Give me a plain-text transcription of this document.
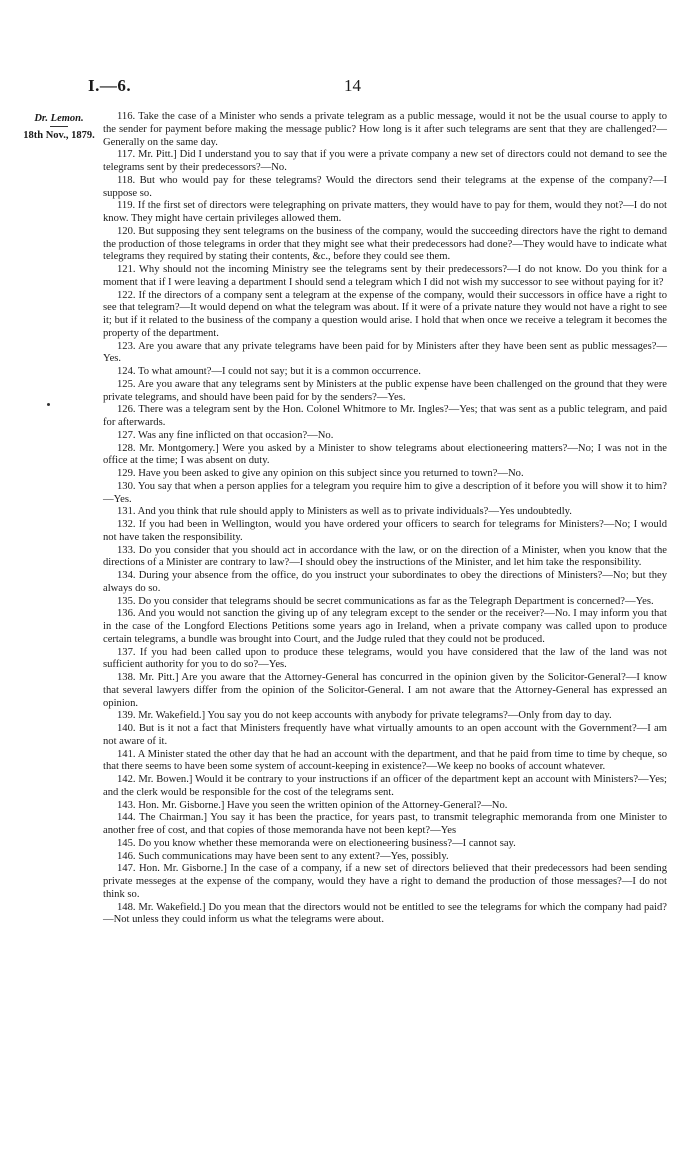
I.—6.	14
Dr. Lemon.
18th Nov., 1879.

116. Take the case of a Minister who sends a private telegram as a public message, would it not be the usual course to apply to the sender for payment before making the message public? How long is it after such telegrams are sent that they are challenged?—Generally on the same day.

117. Mr. Pitt.] Did I understand you to say that if you were a private company a new set of directors could not demand to see the telegrams sent by their predecessors?—No.

118. But who would pay for these telegrams? Would the directors send their telegrams at the expense of the company?—I suppose so.

119. If the first set of directors were telegraphing on private matters, they would have to pay for them, would they not?—I do not know. They might have certain privileges allowed them.

120. But supposing they sent telegrams on the business of the company, would the succeeding directors have the right to demand the production of those telegrams in order that they might see what their predecessors had done?—They would have to indicate what telegrams they required by stating their contents, &c., before they could see them.

121. Why should not the incoming Ministry see the telegrams sent by their predecessors?—I do not know. Do you think for a moment that if I were leaving a department I should send a telegram which I did not wish my successor to see without paying for it?

122. If the directors of a company sent a telegram at the expense of the company, would their successors in office have a right to see that telegram?—It would depend on what the telegram was about. If it were of a private nature they would not have a right to see it; but if it related to the business of the company a question would arise. I hold that when once we receive a telegram it becomes the property of the department.

123. Are you aware that any private telegrams have been paid for by Ministers after they have been sent as public messages?—Yes.

124. To what amount?—I could not say; but it is a common occurrence.

125. Are you aware that any telegrams sent by Ministers at the public expense have been challenged on the ground that they were private telegrams, and should have been paid for by the senders?—Yes.

126. There was a telegram sent by the Hon. Colonel Whitmore to Mr. Ingles?—Yes; that was sent as a public telegram, and paid for afterwards.

127. Was any fine inflicted on that occasion?—No.

128. Mr. Montgomery.] Were you asked by a Minister to show telegrams about electioneering matters?—No; I was not in the office at the time; I was absent on duty.

129. Have you been asked to give any opinion on this subject since you returned to town?—No.

130. You say that when a person applies for a telegram you require him to give a description of it before you will show it to him?—Yes.

131. And you think that rule should apply to Ministers as well as to private individuals?—Yes undoubtedly.

132. If you had been in Wellington, would you have ordered your officers to search for telegrams for Ministers?—No; I would not have taken the responsibility.

133. Do you consider that you should act in accordance with the law, or on the direction of a Minister, when you know that the directions of a Minister are contrary to law?—I should obey the instructions of the Minister, and let him take the responsibility.

134. During your absence from the office, do you instruct your subordinates to obey the directions of Ministers?—No; but they always do so.

135. Do you consider that telegrams should be secret communications as far as the Telegraph Department is concerned?—Yes.

136. And you would not sanction the giving up of any telegram except to the sender or the receiver?—No. I may inform you that in the case of the Longford Elections Petitions some years ago in Ireland, when a private company was called upon to produce certain telegrams, a bundle was brought into Court, and the Judge ruled that they could not be produced.

137. If you had been called upon to produce these telegrams, would you have considered that the law of the land was not sufficient authority for you to do so?—Yes.

138. Mr. Pitt.] Are you aware that the Attorney-General has concurred in the opinion given by the Solicitor-General?—I know that several lawyers differ from the opinion of the Solicitor-General. I am not aware that the Attorney-General has expressed an opinion.

139. Mr. Wakefield.] You say you do not keep accounts with anybody for private telegrams?—Only from day to day.

140. But is it not a fact that Ministers frequently have what virtually amounts to an open account with the Government?—I am not aware of it.

141. A Minister stated the other day that he had an account with the department, and that he paid from time to time by cheque, so that there seems to have been some system of account-keeping in existence?—We keep no books of account whatever.

142. Mr. Bowen.] Would it be contrary to your instructions if an officer of the department kept an account with Ministers?—Yes; and the clerk would be responsible for the cost of the telegrams sent.

143. Hon. Mr. Gisborne.] Have you seen the written opinion of the Attorney-General?—No.

144. The Chairman.] You say it has been the practice, for years past, to transmit telegraphic memoranda from one Minister to another free of cost, and that copies of those memoranda have not been kept?—Yes

145. Do you know whether these memoranda were on electioneering business?—I cannot say.

146. Such communications may have been sent to any extent?—Yes, possibly.

147. Hon. Mr. Gisborne.] In the case of a company, if a new set of directors believed that their predecessors had been sending private messeges at the expense of the company, would they have a right to demand the production of those messages?—I do not think so.

148. Mr. Wakefield.] Do you mean that the directors would not be entitled to see the telegrams for which the company had paid?—Not unless they could inform us what the telegrams were about.
